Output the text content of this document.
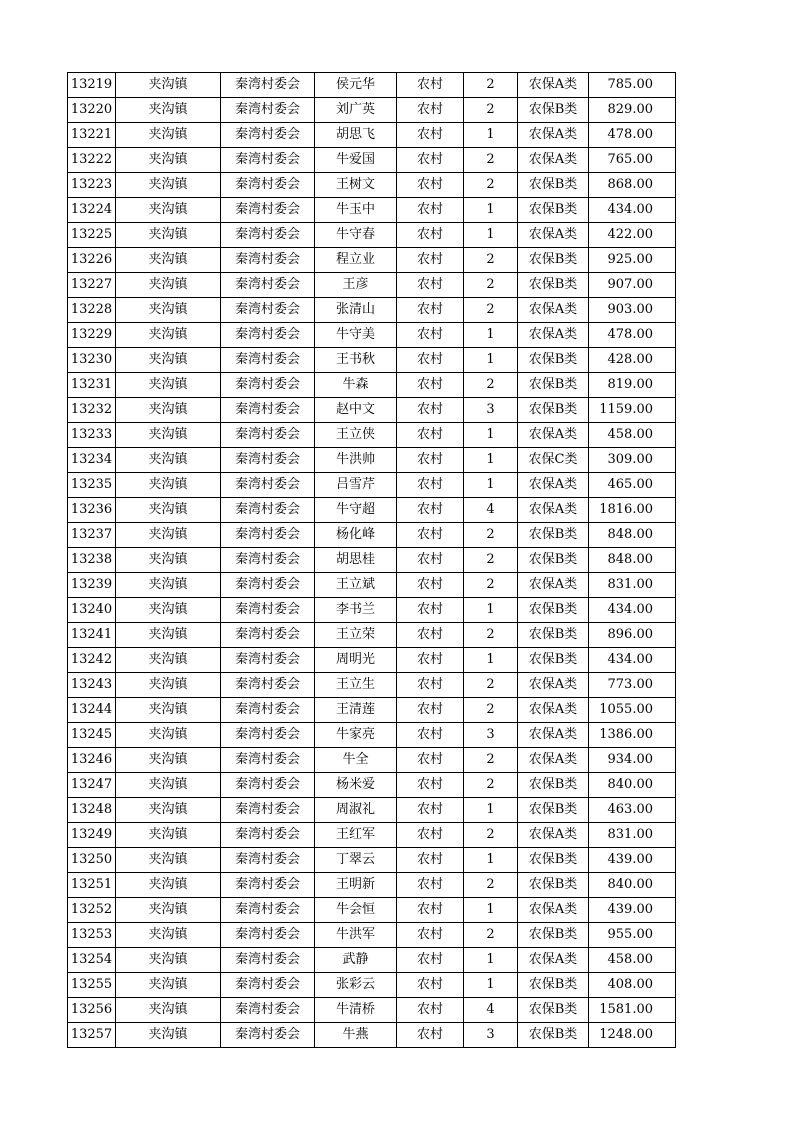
13219	夹沟镇	秦湾村委会	侯元华	农村	2	农保A类	785.00
13220	夹沟镇	秦湾村委会	刘广英	农村	2	农保B类	829.00
13221	夹沟镇	秦湾村委会	胡思飞	农村	1	农保A类	478.00
13222	夹沟镇	秦湾村委会	牛爱国	农村	2	农保A类	765.00
13223	夹沟镇	秦湾村委会	王树文	农村	2	农保B类	868.00
13224	夹沟镇	秦湾村委会	牛玉中	农村	1	农保B类	434.00
13225	夹沟镇	秦湾村委会	牛守春	农村	1	农保A类	422.00
13226	夹沟镇	秦湾村委会	程立业	农村	2	农保B类	925.00
13227	夹沟镇	秦湾村委会	王彦	农村	2	农保B类	907.00
13228	夹沟镇	秦湾村委会	张清山	农村	2	农保A类	903.00
13229	夹沟镇	秦湾村委会	牛守美	农村	1	农保A类	478.00
13230	夹沟镇	秦湾村委会	王书秋	农村	1	农保B类	428.00
13231	夹沟镇	秦湾村委会	牛森	农村	2	农保B类	819.00
13232	夹沟镇	秦湾村委会	赵中文	农村	3	农保B类	1159.00
13233	夹沟镇	秦湾村委会	王立侠	农村	1	农保A类	458.00
13234	夹沟镇	秦湾村委会	牛洪帅	农村	1	农保C类	309.00
13235	夹沟镇	秦湾村委会	吕雪芹	农村	1	农保A类	465.00
13236	夹沟镇	秦湾村委会	牛守超	农村	4	农保A类	1816.00
13237	夹沟镇	秦湾村委会	杨化峰	农村	2	农保B类	848.00
13238	夹沟镇	秦湾村委会	胡思桂	农村	2	农保B类	848.00
13239	夹沟镇	秦湾村委会	王立斌	农村	2	农保A类	831.00
13240	夹沟镇	秦湾村委会	李书兰	农村	1	农保B类	434.00
13241	夹沟镇	秦湾村委会	王立荣	农村	2	农保B类	896.00
13242	夹沟镇	秦湾村委会	周明光	农村	1	农保B类	434.00
13243	夹沟镇	秦湾村委会	王立生	农村	2	农保A类	773.00
13244	夹沟镇	秦湾村委会	王清莲	农村	2	农保A类	1055.00
13245	夹沟镇	秦湾村委会	牛家亮	农村	3	农保A类	1386.00
13246	夹沟镇	秦湾村委会	牛全	农村	2	农保A类	934.00
13247	夹沟镇	秦湾村委会	杨米爱	农村	2	农保B类	840.00
13248	夹沟镇	秦湾村委会	周淑礼	农村	1	农保B类	463.00
13249	夹沟镇	秦湾村委会	王红军	农村	2	农保A类	831.00
13250	夹沟镇	秦湾村委会	丁翠云	农村	1	农保B类	439.00
13251	夹沟镇	秦湾村委会	王明新	农村	2	农保B类	840.00
13252	夹沟镇	秦湾村委会	牛会恒	农村	1	农保A类	439.00
13253	夹沟镇	秦湾村委会	牛洪军	农村	2	农保B类	955.00
13254	夹沟镇	秦湾村委会	武静	农村	1	农保A类	458.00
13255	夹沟镇	秦湾村委会	张彩云	农村	1	农保B类	408.00
13256	夹沟镇	秦湾村委会	牛清桥	农村	4	农保B类	1581.00
13257	夹沟镇	秦湾村委会	牛燕	农村	3	农保B类	1248.00
